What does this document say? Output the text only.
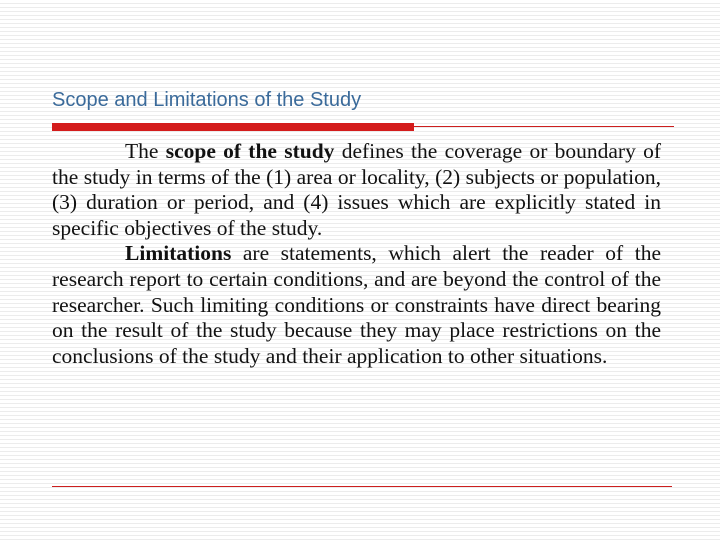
Scope and Limitations of the Study

The scope of the study defines the coverage or boundary of the study in terms of the (1) area or locality, (2) subjects or population, (3) duration or period, and (4) issues which are explicitly stated in specific objectives of the study.

Limitations are statements, which alert the reader of the research report to certain conditions, and are beyond the control of the researcher. Such limiting conditions or constraints have direct bearing on the result of the study because they may place restrictions on the conclusions of the study and their application to other situations.
